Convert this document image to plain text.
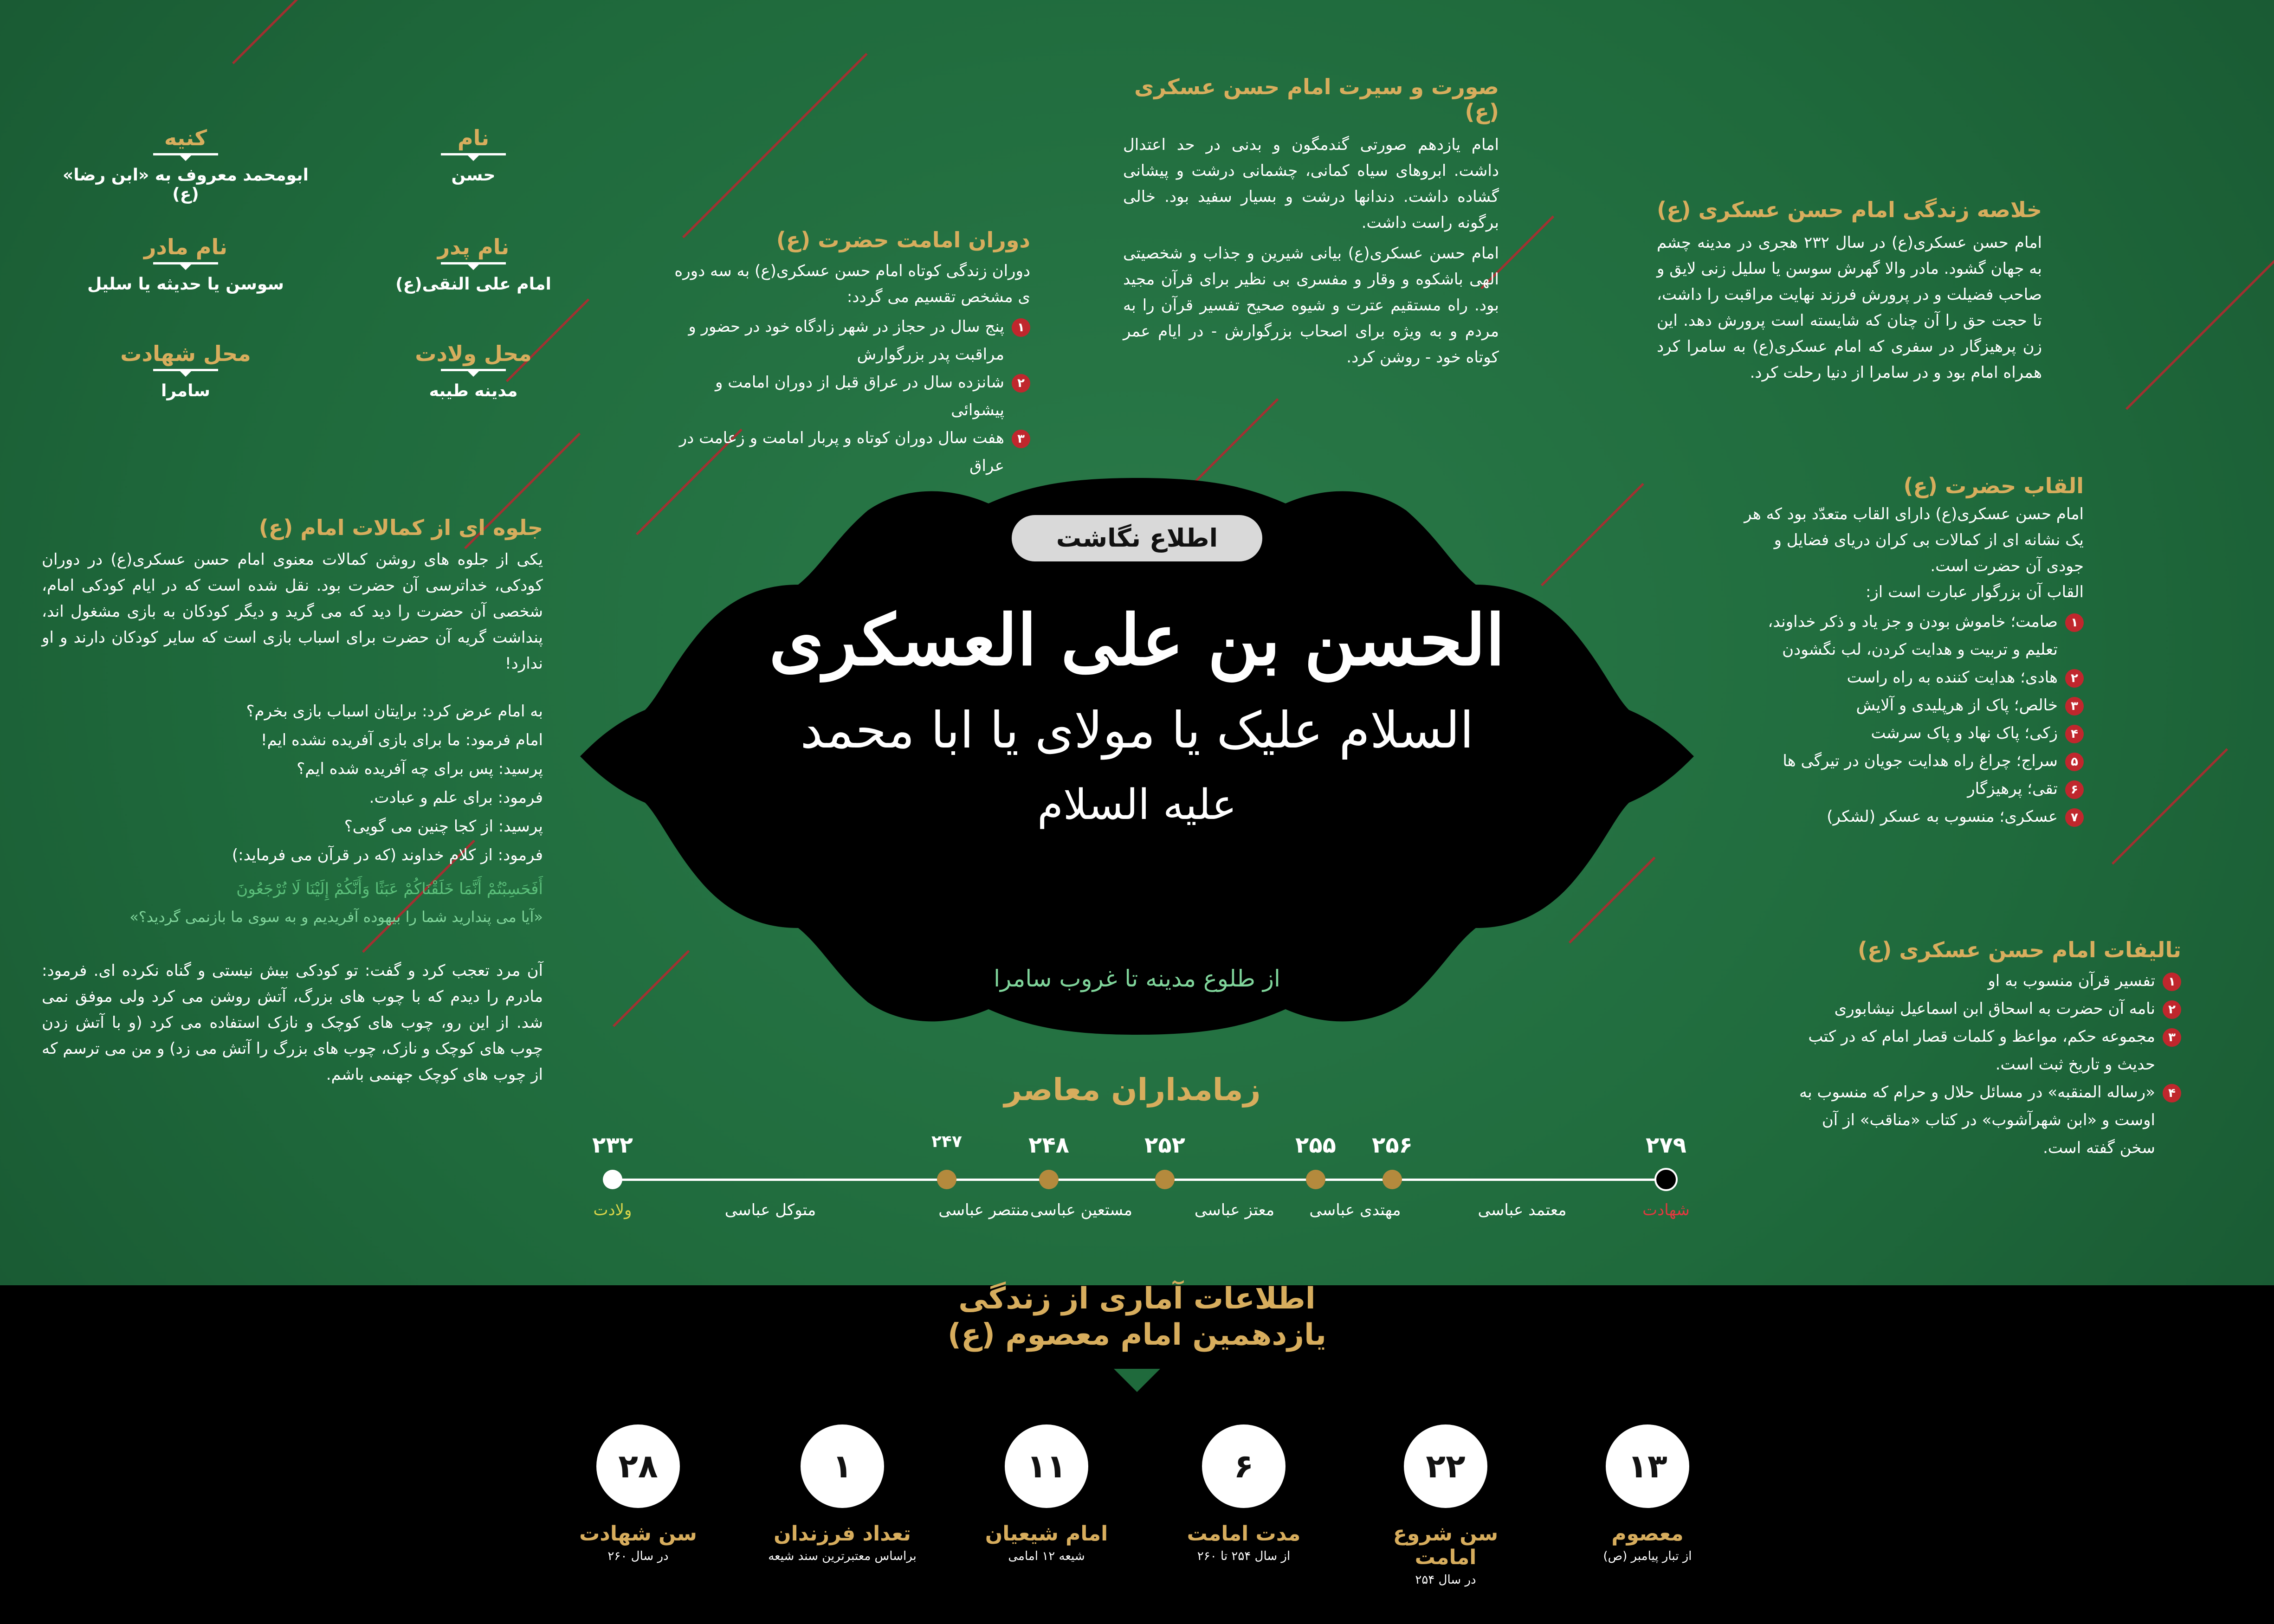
نام
حسن
کنیه
ابومحمد معروف به «ابن رضا» (ع)
نام پدر
امام علی النقی(ع)
نام مادر
سوسن یا حدیثه یا سلیل
محل ولادت
مدینه طیبه
محل شهادت
سامرا
دوران امامت حضرت (ع)
دوران زندگی کوتاه امام حسن عسکری(ع) به سه دوره ی مشخص تقسیم می گردد:
۱
پنج سال در حجاز در شهر زادگاه خود در حضور و مراقبت پدر بزرگوارش
۲
شانزده سال در عراق قبل از دوران امامت و پیشوائی
۳
هفت سال دوران کوتاه و پربار امامت و زعامت در عراق
صورت و سیرت امام حسن عسکری (ع)
امام یازدهم صورتی گندمگون و بدنی در حد اعتدال داشت. ابروهای سیاه کمانی، چشمانی درشت و پیشانی گشاده داشت. دندانها درشت و بسیار سفید بود. خالی برگونه راست داشت.
امام حسن عسکری(ع) بیانی شیرین و جذاب و شخصیتی الهی باشکوه و وقار و مفسری بی نظیر برای قرآن مجید بود. راه مستقیم عترت و شیوه صحیح تفسیر قرآن را به مردم و به ویژه برای اصحاب بزرگوارش - در ایام عمر کوتاه خود - روشن کرد.
خلاصه زندگی امام حسن عسکری (ع)
امام حسن عسکری(ع) در سال ۲۳۲ هجری در مدینه چشم به جهان گشود. مادر والا گهرش سوسن یا سلیل زنی لایق و صاحب فضیلت و در پرورش فرزند نهایت مراقبت را داشت، تا حجت حق را آن چنان که شایسته است پرورش دهد. این زن پرهیزگار در سفری که امام عسکری(ع) به سامرا کرد همراه امام بود و در سامرا از دنیا رحلت کرد.
جلوه ای از کمالات امام (ع)
یکی از جلوه های روشن کمالات معنوی امام حسن عسکری(ع) در دوران کودکی، خداترسی آن حضرت بود. نقل شده است که در ایام کودکی امام، شخصی آن حضرت را دید که می گرید و دیگر کودکان به بازی مشغول اند، پنداشت گریه آن حضرت برای اسباب بازی است که سایر کودکان دارند و او ندارد!
به امام عرض کرد: برایتان اسباب بازی بخرم؟
امام فرمود: ما برای بازی آفریده نشده ایم!
پرسید: پس برای چه آفریده شده ایم؟
فرمود: برای علم و عبادت.
پرسید: از کجا چنین می گویی؟
فرمود: از کلام خداوند (که در قرآن می فرماید:)
أَفَحَسِبْتُمْ أَنَّمَا خَلَقْنَاكُمْ عَبَثًا وَأَنَّكُمْ إِلَيْنَا لَا تُرْجَعُونَ
«آیا می پندارید شما را بیهوده آفریدیم و به سوی ما بازنمی گردید؟»
آن مرد تعجب کرد و گفت: تو کودکی بیش نیستی و گناه نکرده ای. فرمود: مادرم را دیدم که با چوب های بزرگ، آتش روشن می کرد ولی موفق نمی شد. از این رو، چوب های کوچک و نازک استفاده می کرد (و با آتش زدن چوب های کوچک و نازک، چوب های بزرگ را آتش می زد) و من می ترسم که از چوب های کوچک جهنمی باشم.
القاب حضرت (ع)
امام حسن عسکری(ع) دارای القاب متعدّد بود که هر یک نشانه ای از کمالات بی کران دریای فضایل و جودی آن حضرت است.
القاب آن بزرگوار عبارت است از:
۱
صامت؛ خاموش بودن و جز یاد و ذکر خداوند، تعلیم و تربیت و هدایت کردن، لب نگشودن
۲
هادی؛ هدایت کننده به راه راست
۳
خالص؛ پاک از هرپلیدی و آلایش
۴
زکی؛ پاک نهاد و پاک سرشت
۵
سراج؛ چراغ راه هدایت جویان در تیرگی ها
۶
تقی؛ پرهیزگار
۷
عسکری؛ منسوب به عسکر (لشکر)
تالیفات امام حسن عسکری (ع)
۱
تفسیر قرآن منسوب به او
۲
نامه آن حضرت به اسحاق ابن اسماعیل نیشابوری
۳
مجموعه حکم، مواعظ و کلمات قصار امام که در کتب حدیث و تاریخ ثبت است.
۴
«رساله المنقبه» در مسائل حلال و حرام که منسوب به اوست و «ابن شهرآشوب» در کتاب «مناقب» از آن سخن گفته است.
اطلاع نگاشت
الحسن بن علی العسکری
السلام علیک یا مولای یا ابا محمد
علیه السلام
از طلوع مدینه تا غروب سامرا
زمامداران معاصر
۲۳۲
متوکل عباسی
۲۴۷
منتصر عباسی
۲۴۸
مستعین عباسی
۲۵۲
معتز عباسی
۲۵۵
مهتدی عباسی
۲۵۶
معتمد عباسی
۲۷۹
ولادت	شهادت
اطلاعات آماری از زندگی
یازدهمین امام معصوم (ع)
۱۳
معصوم
از تبار پیامبر (ص)
۲۲
سن شروع امامت
در سال ۲۵۴
۶
مدت امامت
از سال ۲۵۴ تا ۲۶۰
۱۱
امام شیعیان
شیعه ۱۲ امامی
۱
تعداد فرزندان
براساس معتبرترین سند شیعه
۲۸
سن شهادت
در سال ۲۶۰
